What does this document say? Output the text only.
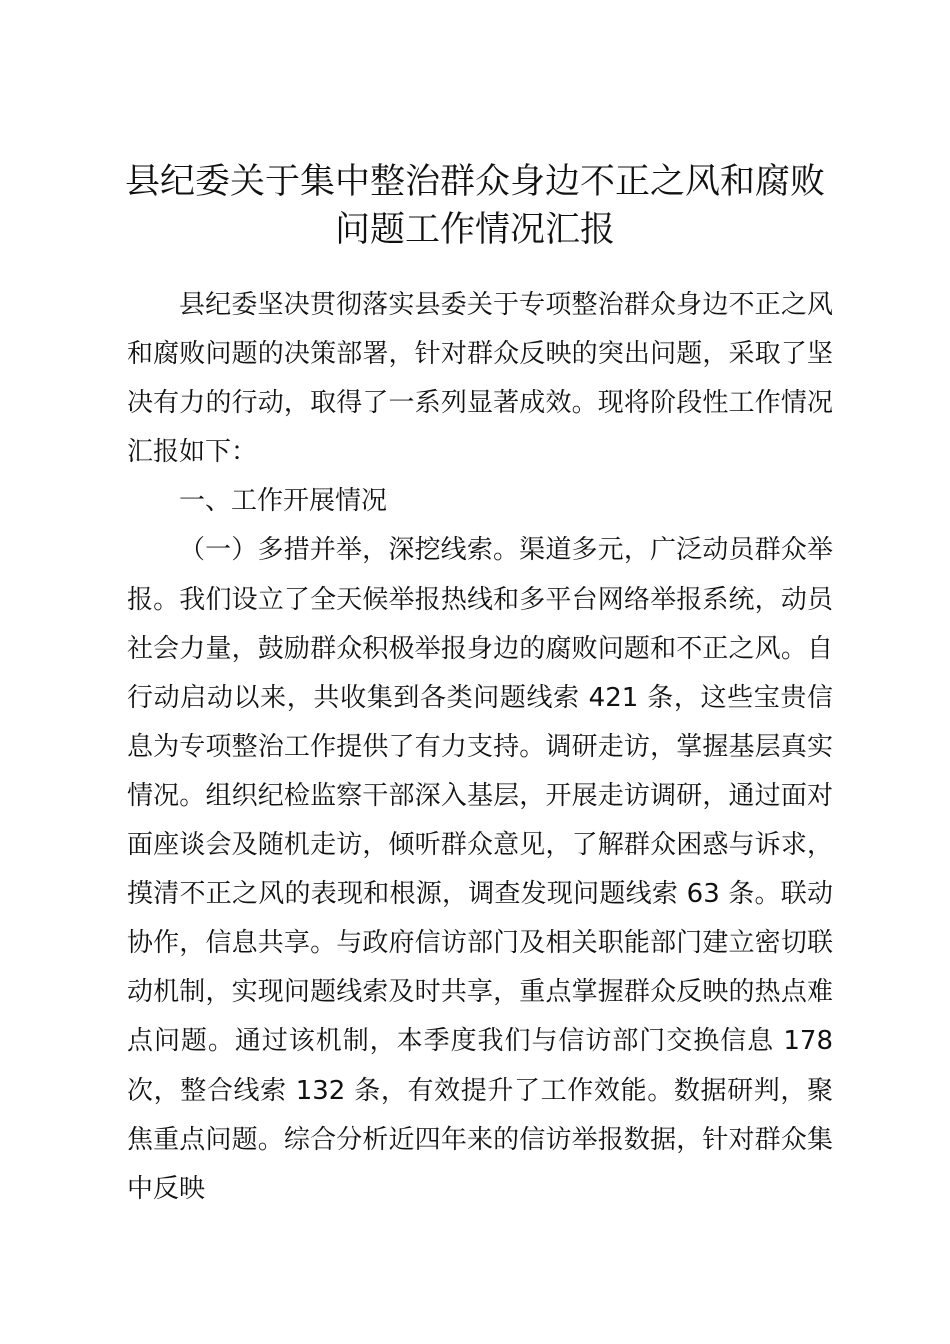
县纪委关于集中整治群众身边不正之风和腐败
问题工作情况汇报

县纪委坚决贯彻落实县委关于专项整治群众身边不正之风和腐败问题的决策部署，针对群众反映的突出问题，采取了坚决有力的行动，取得了一系列显著成效。现将阶段性工作情况汇报如下：

一、工作开展情况

（一）多措并举，深挖线索。渠道多元，广泛动员群众举报。我们设立了全天候举报热线和多平台网络举报系统，动员社会力量，鼓励群众积极举报身边的腐败问题和不正之风。自行动启动以来，共收集到各类问题线索 421 条，这些宝贵信息为专项整治工作提供了有力支持。调研走访，掌握基层真实情况。组织纪检监察干部深入基层，开展走访调研，通过面对面座谈会及随机走访，倾听群众意见，了解群众困惑与诉求，摸清不正之风的表现和根源，调查发现问题线索 63 条。联动协作，信息共享。与政府信访部门及相关职能部门建立密切联动机制，实现问题线索及时共享，重点掌握群众反映的热点难点问题。通过该机制，本季度我们与信访部门交换信息 178 次，整合线索 132 条，有效提升了工作效能。数据研判，聚焦重点问题。综合分析近四年来的信访举报数据，针对群众集中反映
